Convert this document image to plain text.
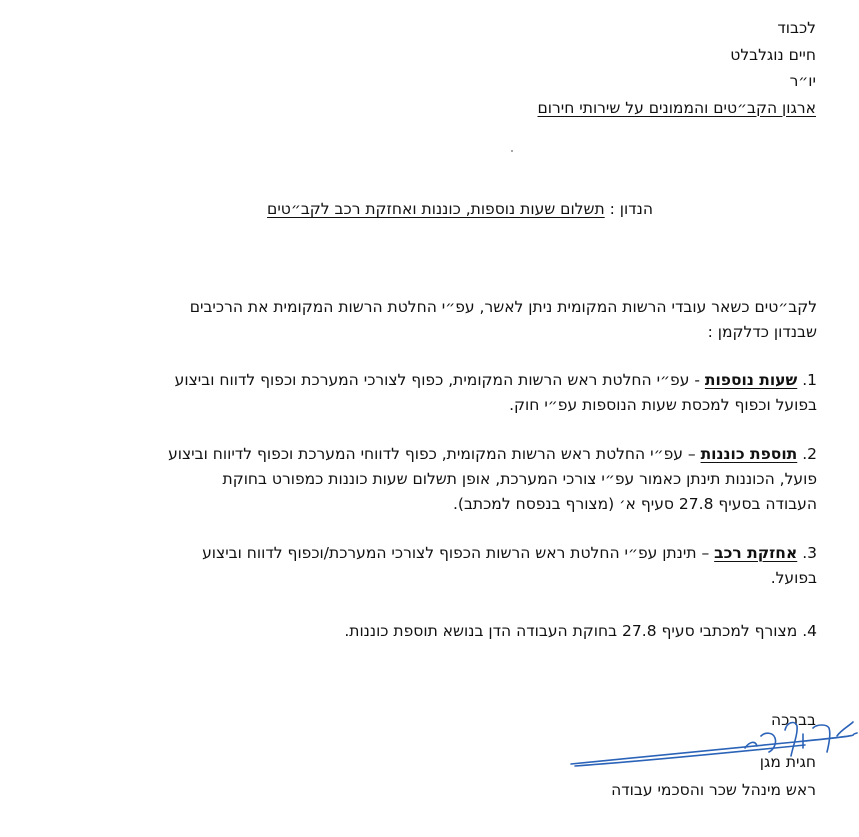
לכבוד
חיים נוגלבלט
יו״ר
ארגון הקב״טים והממונים על שירותי חירום
הנדון : תשלום שעות נוספות, כוננות ואחזקת רכב לקב״טים
לקב״טים כשאר עובדי הרשות המקומית ניתן לאשר, עפ״י החלטת הרשות המקומית את הרכיבים
שבנדון כדלקמן :
1. שעות נוספות - עפ״י החלטת ראש הרשות המקומית, כפוף לצורכי המערכת וכפוף לדווח וביצוע
בפועל וכפוף למכסת שעות הנוספות עפ״י חוק.
2. תוספת כוננות – עפ״י החלטת ראש הרשות המקומית, כפוף לדווחי המערכת וכפוף לדיווח וביצוע
פועל, הכוננות תינתן כאמור עפ״י צורכי המערכת, אופן תשלום שעות כוננות כמפורט בחוקת
העבודה בסעיף 27.8 סעיף א׳ (מצורף בנפסח למכתב).
3. אחזקת רכב – תינתן עפ״י החלטת ראש הרשות הכפוף לצורכי המערכת/וכפוף לדווח וביצוע
בפועל.
4. מצורף למכתבי סעיף 27.8 בחוקת העבודה הדן בנושא תוספת כוננות.
בברכה
חגית מגן
ראש מינהל שכר והסכמי עבודה
